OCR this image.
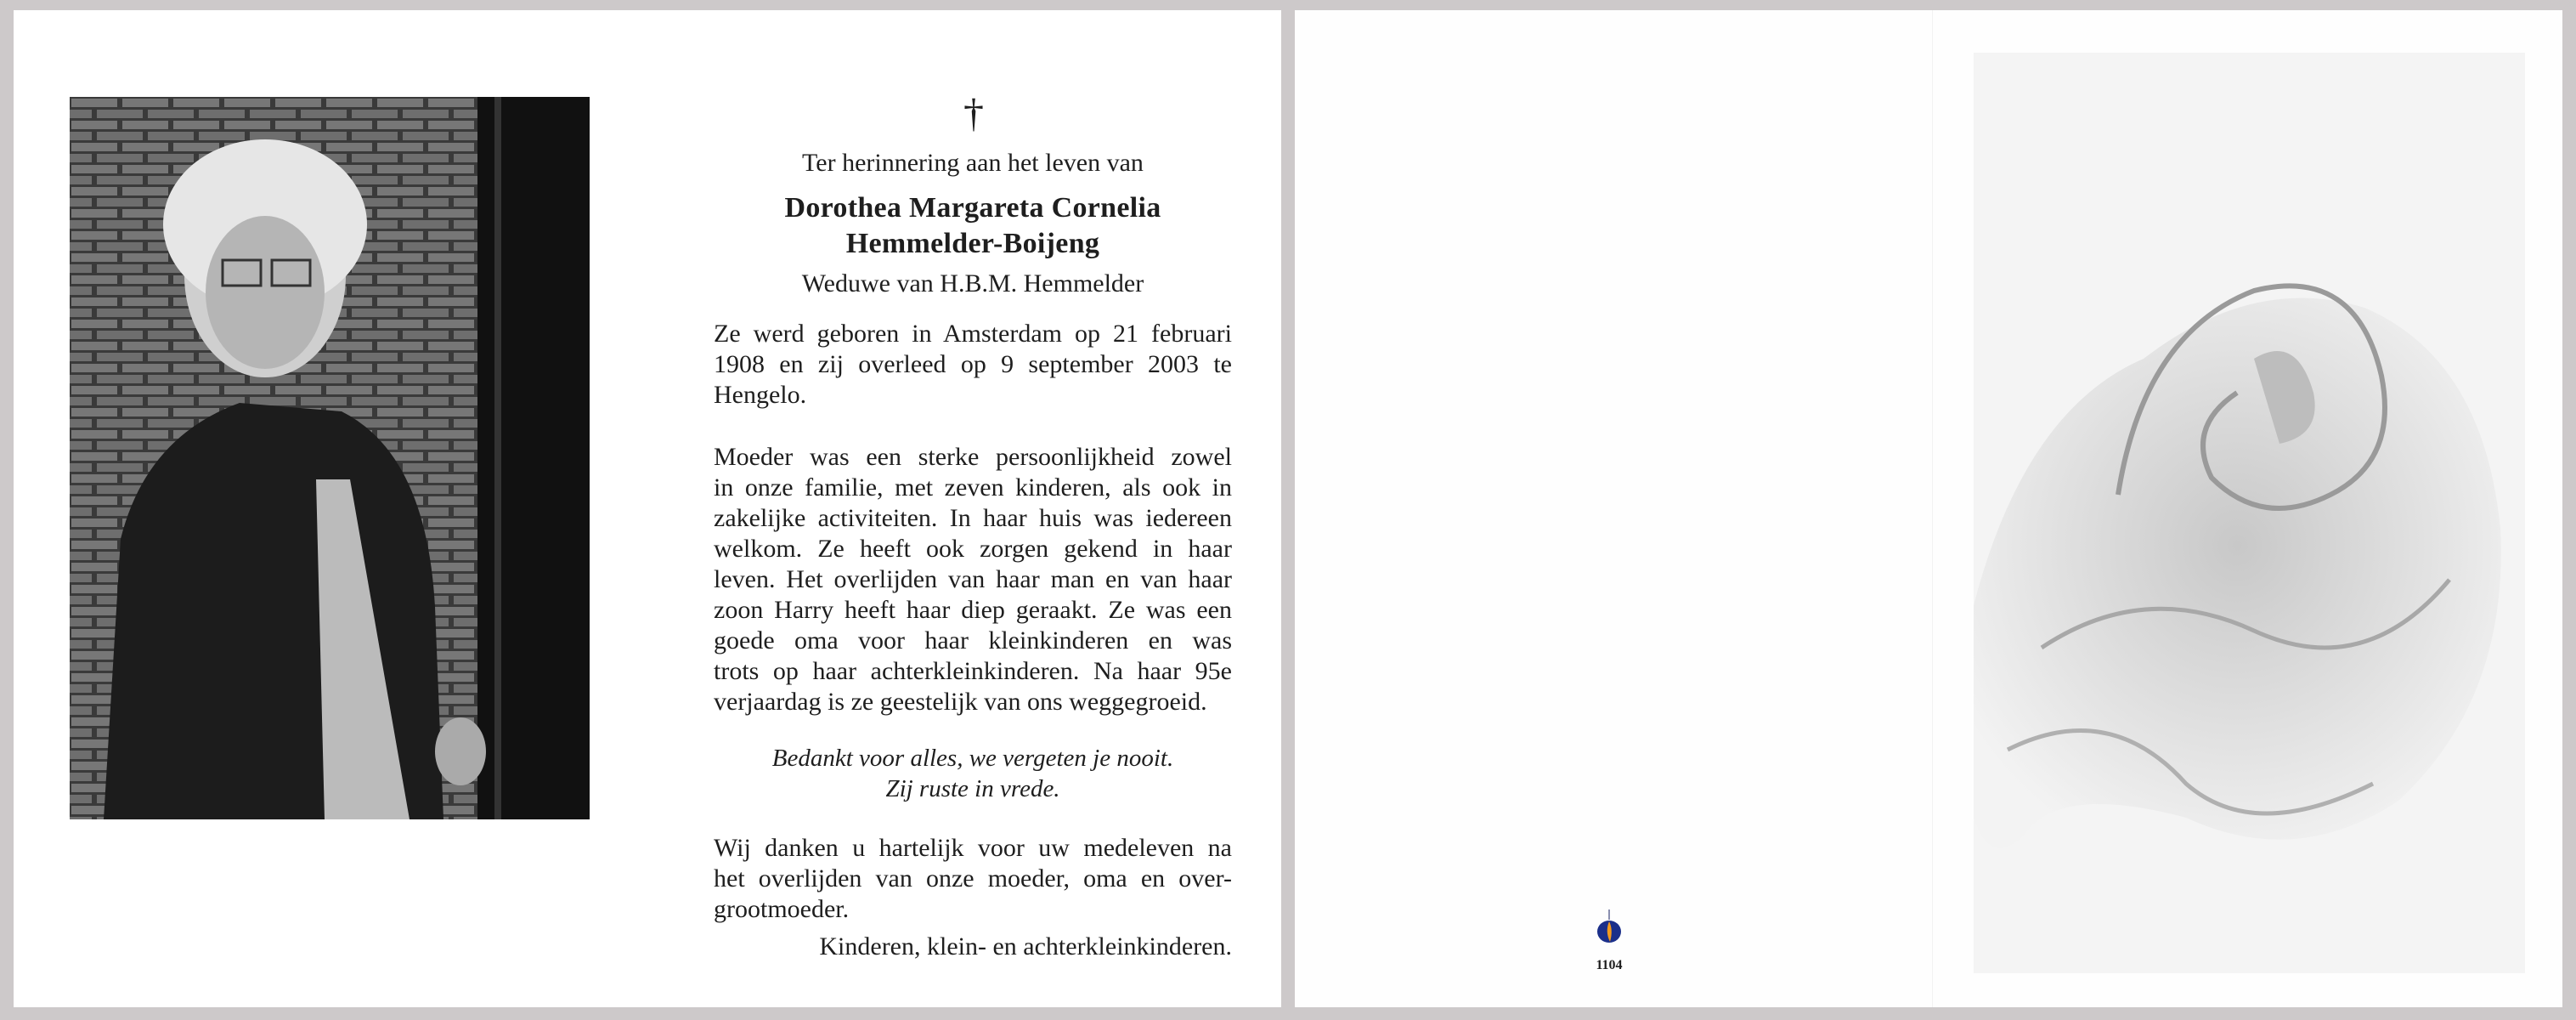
†
Ter herinnering aan het leven van
Dorothea Margareta Cornelia
Hemmelder-Boijeng
Weduwe van H.B.M. Hemmelder
Ze werd geboren in Amsterdam op 21 februari
1908 en zij overleed op 9 september 2003 te
Hengelo.
Moeder was een sterke persoonlijkheid zowel
in onze familie, met zeven kinderen, als ook in
zakelijke activiteiten. In haar huis was iedereen
welkom. Ze heeft ook zorgen gekend in haar
leven. Het overlijden van haar man en van haar
zoon Harry heeft haar diep geraakt. Ze was een
goede oma voor haar kleinkinderen en was
trots op haar achterkleinkinderen. Na haar 95e
verjaardag is ze geestelijk van ons weggegroeid.
Bedankt voor alles, we vergeten je nooit.
Zij ruste in vrede.
Wij danken u hartelijk voor uw medeleven na
het overlijden van onze moeder, oma en over-
grootmoeder.
Kinderen, klein- en achterkleinkinderen.
1104
